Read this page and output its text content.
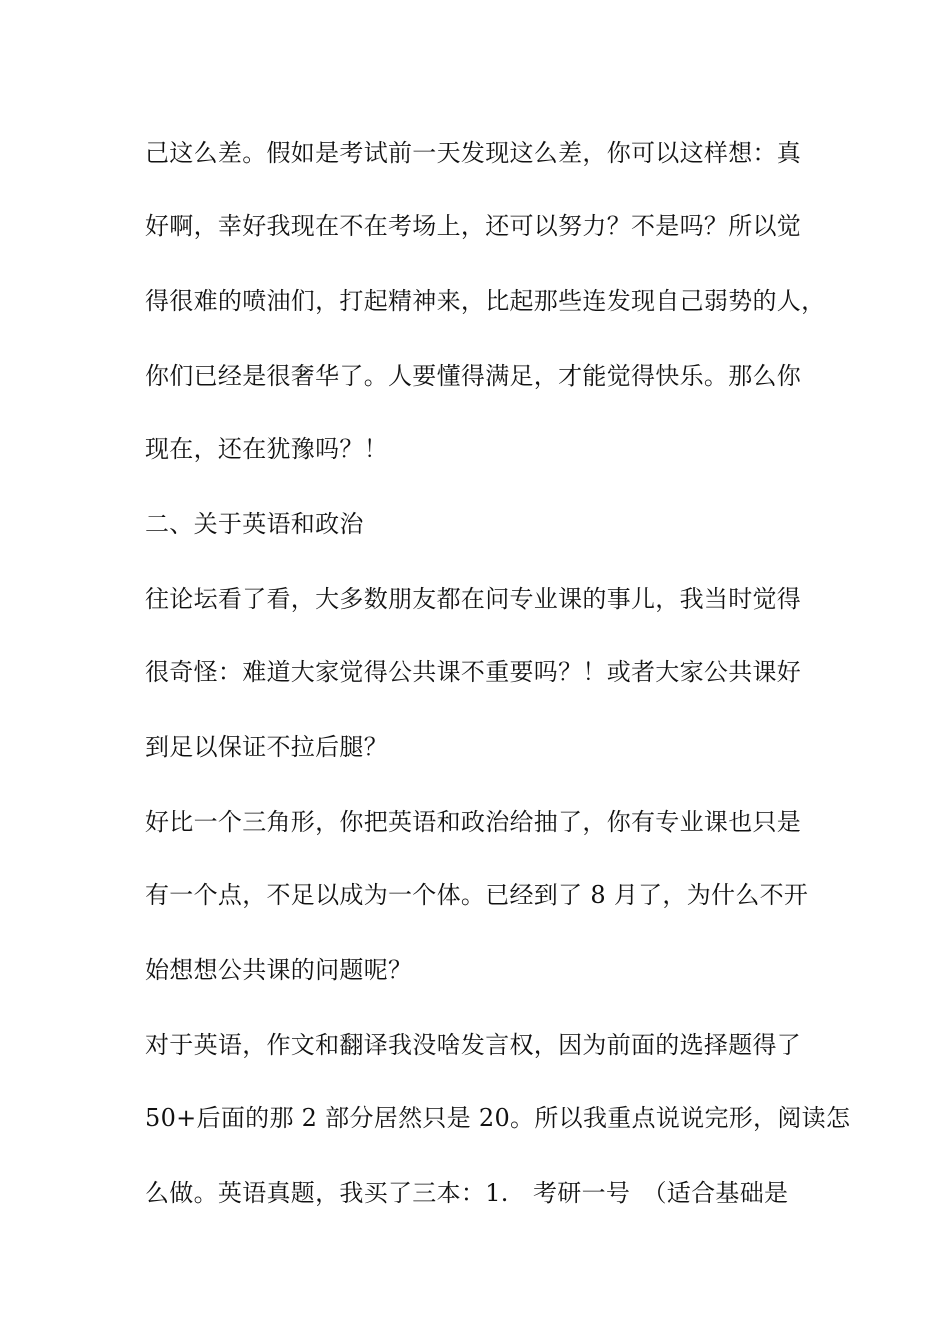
己这么差。假如是考试前一天发现这么差，你可以这样想：真
好啊，幸好我现在不在考场上，还可以努力？不是吗？所以觉
得很难的喷油们，打起精神来，比起那些连发现自己弱势的人，
你们已经是很奢华了。人要懂得满足，才能觉得快乐。那么你
现在，还在犹豫吗？！
二、关于英语和政治
往论坛看了看，大多数朋友都在问专业课的事儿，我当时觉得
很奇怪：难道大家觉得公共课不重要吗？！或者大家公共课好
到足以保证不拉后腿？
好比一个三角形，你把英语和政治给抽了，你有专业课也只是
有一个点，不足以成为一个体。已经到了 8 月了，为什么不开
始想想公共课的问题呢？
对于英语，作文和翻译我没啥发言权，因为前面的选择题得了
50+后面的那 2 部分居然只是 20。所以我重点说说完形，阅读怎
么做。英语真题，我买了三本：1.　考研一号　（适合基础是
